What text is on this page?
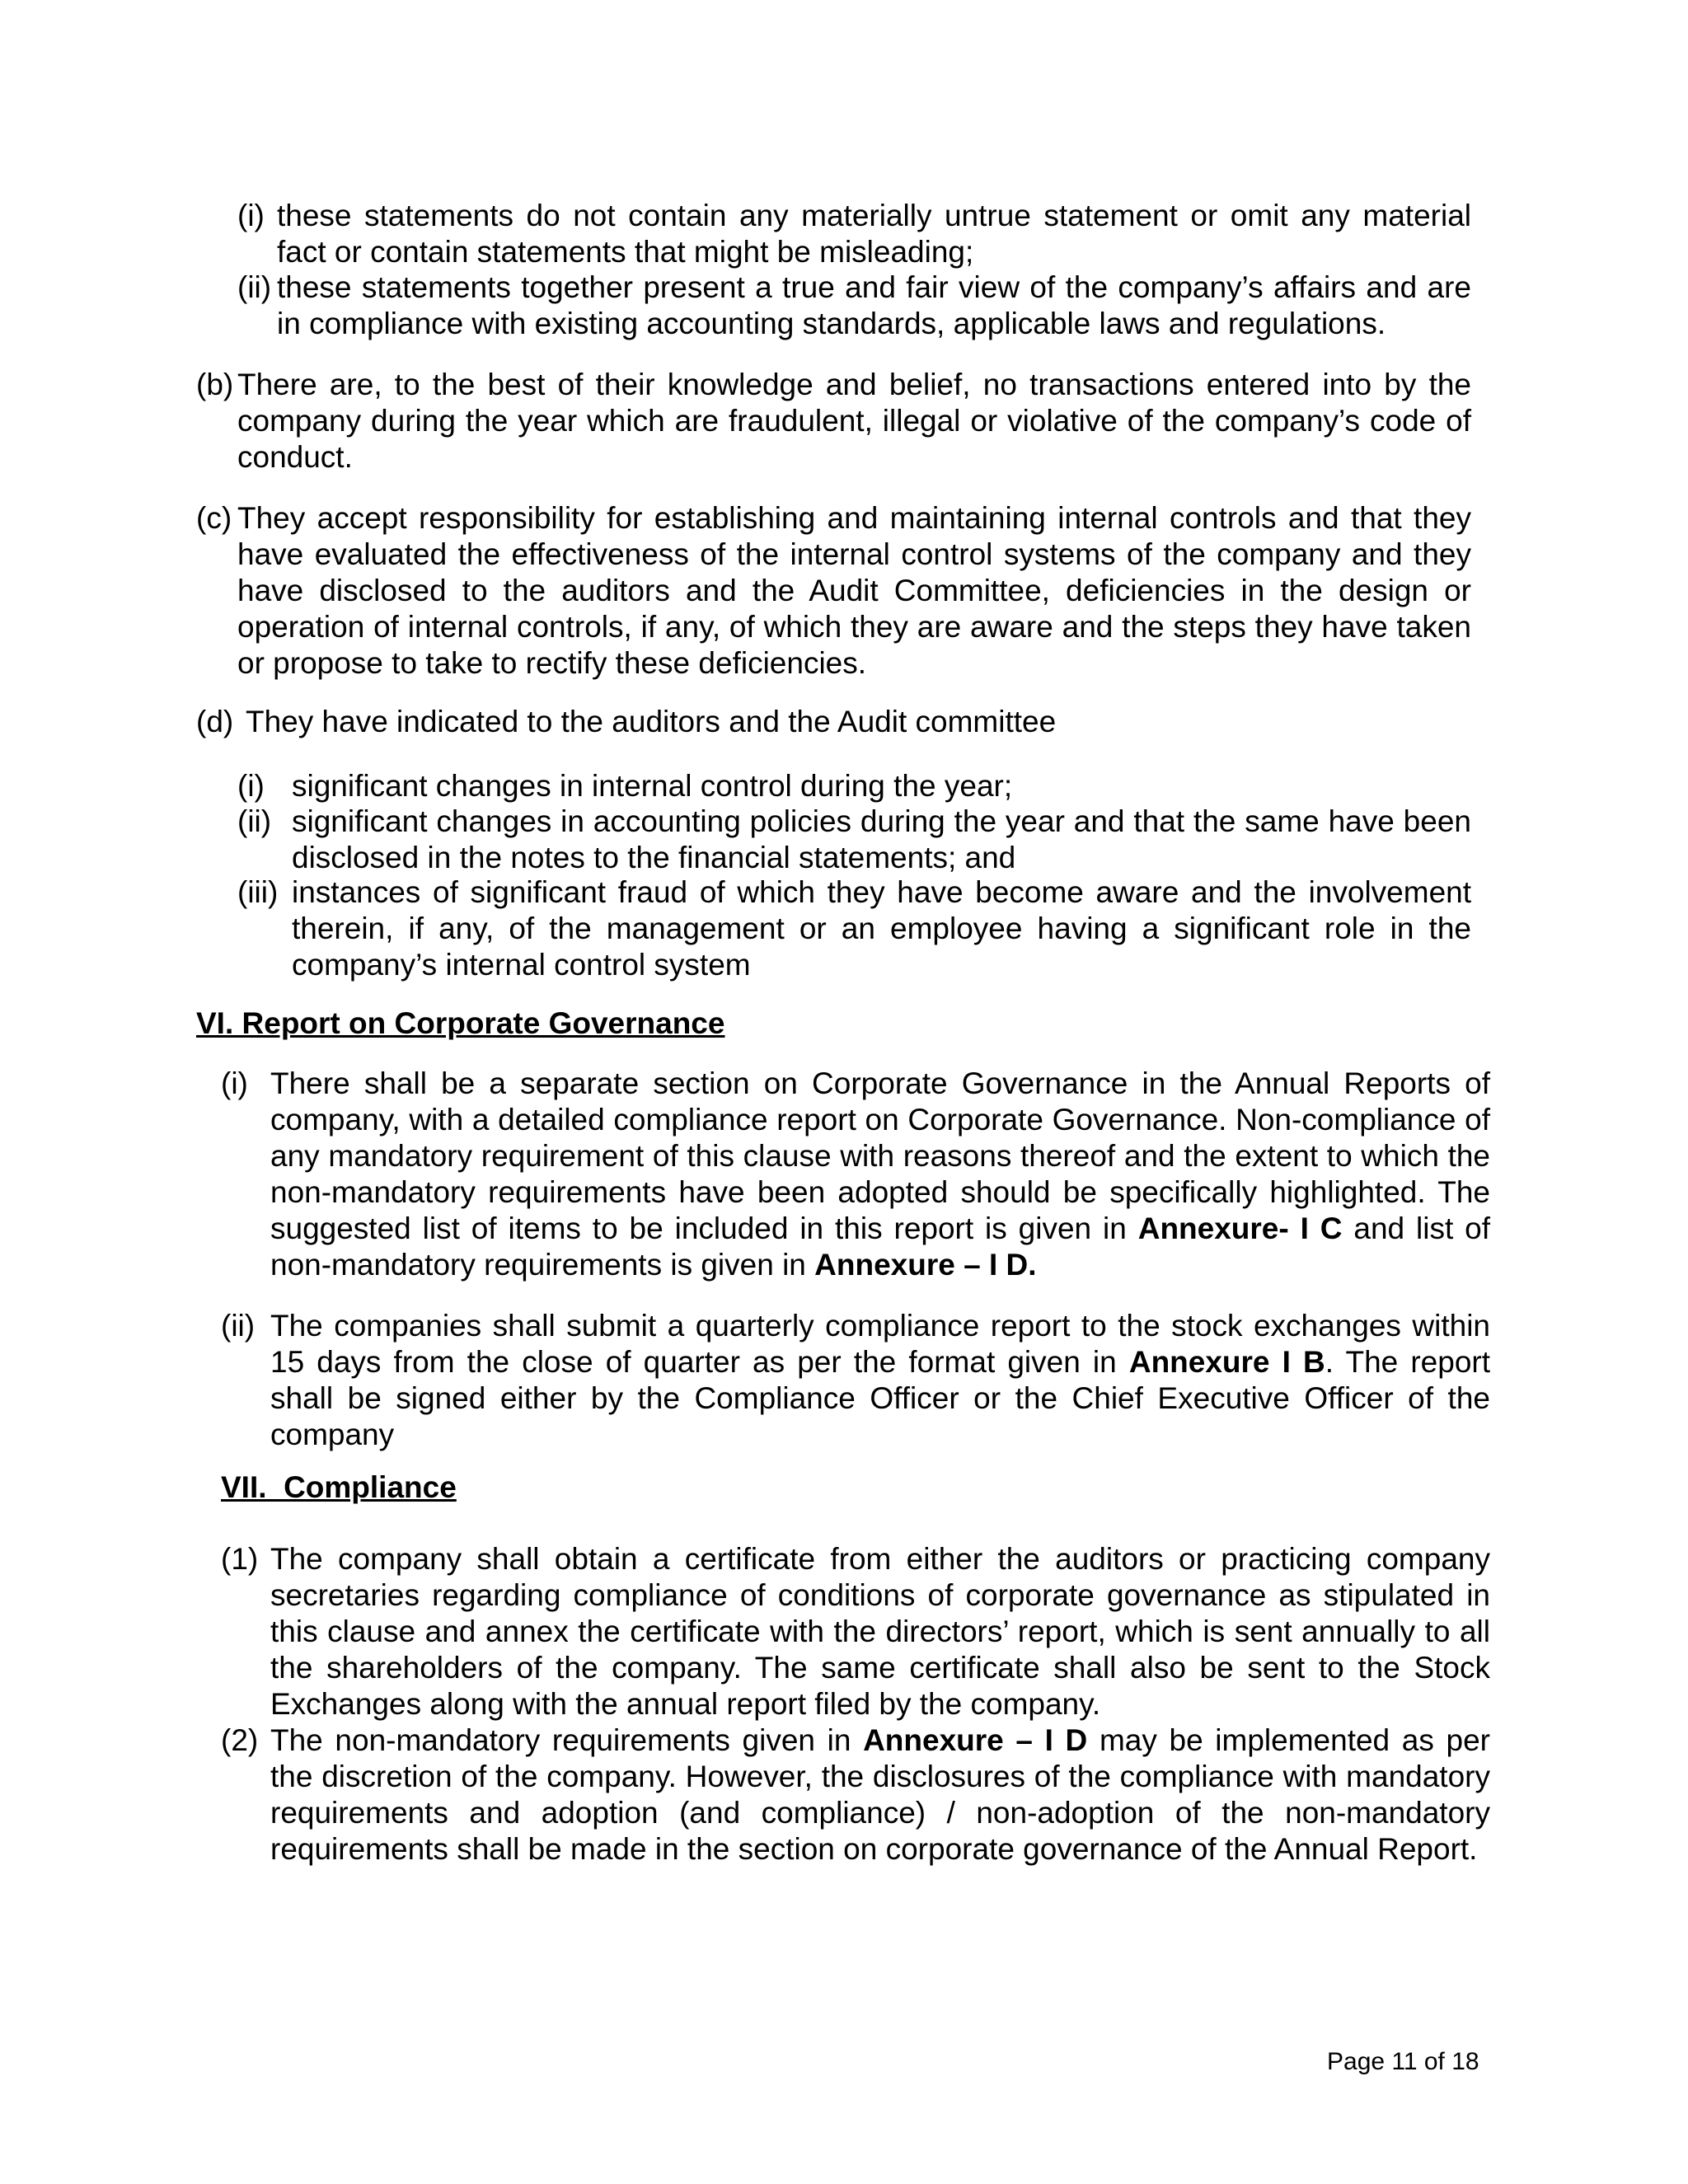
(i) these statements do not contain any materially untrue statement or omit any material fact or contain statements that might be misleading;
(ii) these statements together present a true and fair view of the company’s affairs and are in compliance with existing accounting standards, applicable laws and regulations.
(b) There are, to the best of their knowledge and belief, no transactions entered into by the company during the year which are fraudulent, illegal or violative of the company’s code of conduct.
(c) They accept responsibility for establishing and maintaining internal controls and that they have evaluated the effectiveness of the internal control systems of the company and they have disclosed to the auditors and the Audit Committee, deficiencies in the design or operation of internal controls, if any, of which they are aware and the steps they have taken or propose to take to rectify these deficiencies.
(d) They have indicated to the auditors and the Audit committee
(i) significant changes in internal control during the year;
(ii) significant changes in accounting policies during the year and that the same have been disclosed in the notes to the financial statements; and
(iii) instances of significant fraud of which they have become aware and the involvement therein, if any, of the management or an employee having a significant role in the company’s internal control system
VI. Report on Corporate Governance
(i) There shall be a separate section on Corporate Governance in the Annual Reports of company, with a detailed compliance report on Corporate Governance. Non-compliance of any mandatory requirement of this clause with reasons thereof and the extent to which the non-mandatory requirements have been adopted should be specifically highlighted. The suggested list of items to be included in this report is given in Annexure- I C and list of non-mandatory requirements is given in Annexure – I D.
(ii) The companies shall submit a quarterly compliance report to the stock exchanges within 15 days from the close of quarter as per the format given in Annexure I B. The report shall be signed either by the Compliance Officer or the Chief Executive Officer of the company
VII.  Compliance
(1) The company shall obtain a certificate from either the auditors or practicing company secretaries regarding compliance of conditions of corporate governance as stipulated in this clause and annex the certificate with the directors’ report, which is sent annually to all the shareholders of the company. The same certificate shall also be sent to the Stock Exchanges along with the annual report filed by the company.
(2) The non-mandatory requirements given in Annexure – I D may be implemented as per the discretion of the company. However, the disclosures of the compliance with mandatory requirements and adoption (and compliance) / non-adoption of the non-mandatory requirements shall be made in the section on corporate governance of the Annual Report.
Page 11 of 18
